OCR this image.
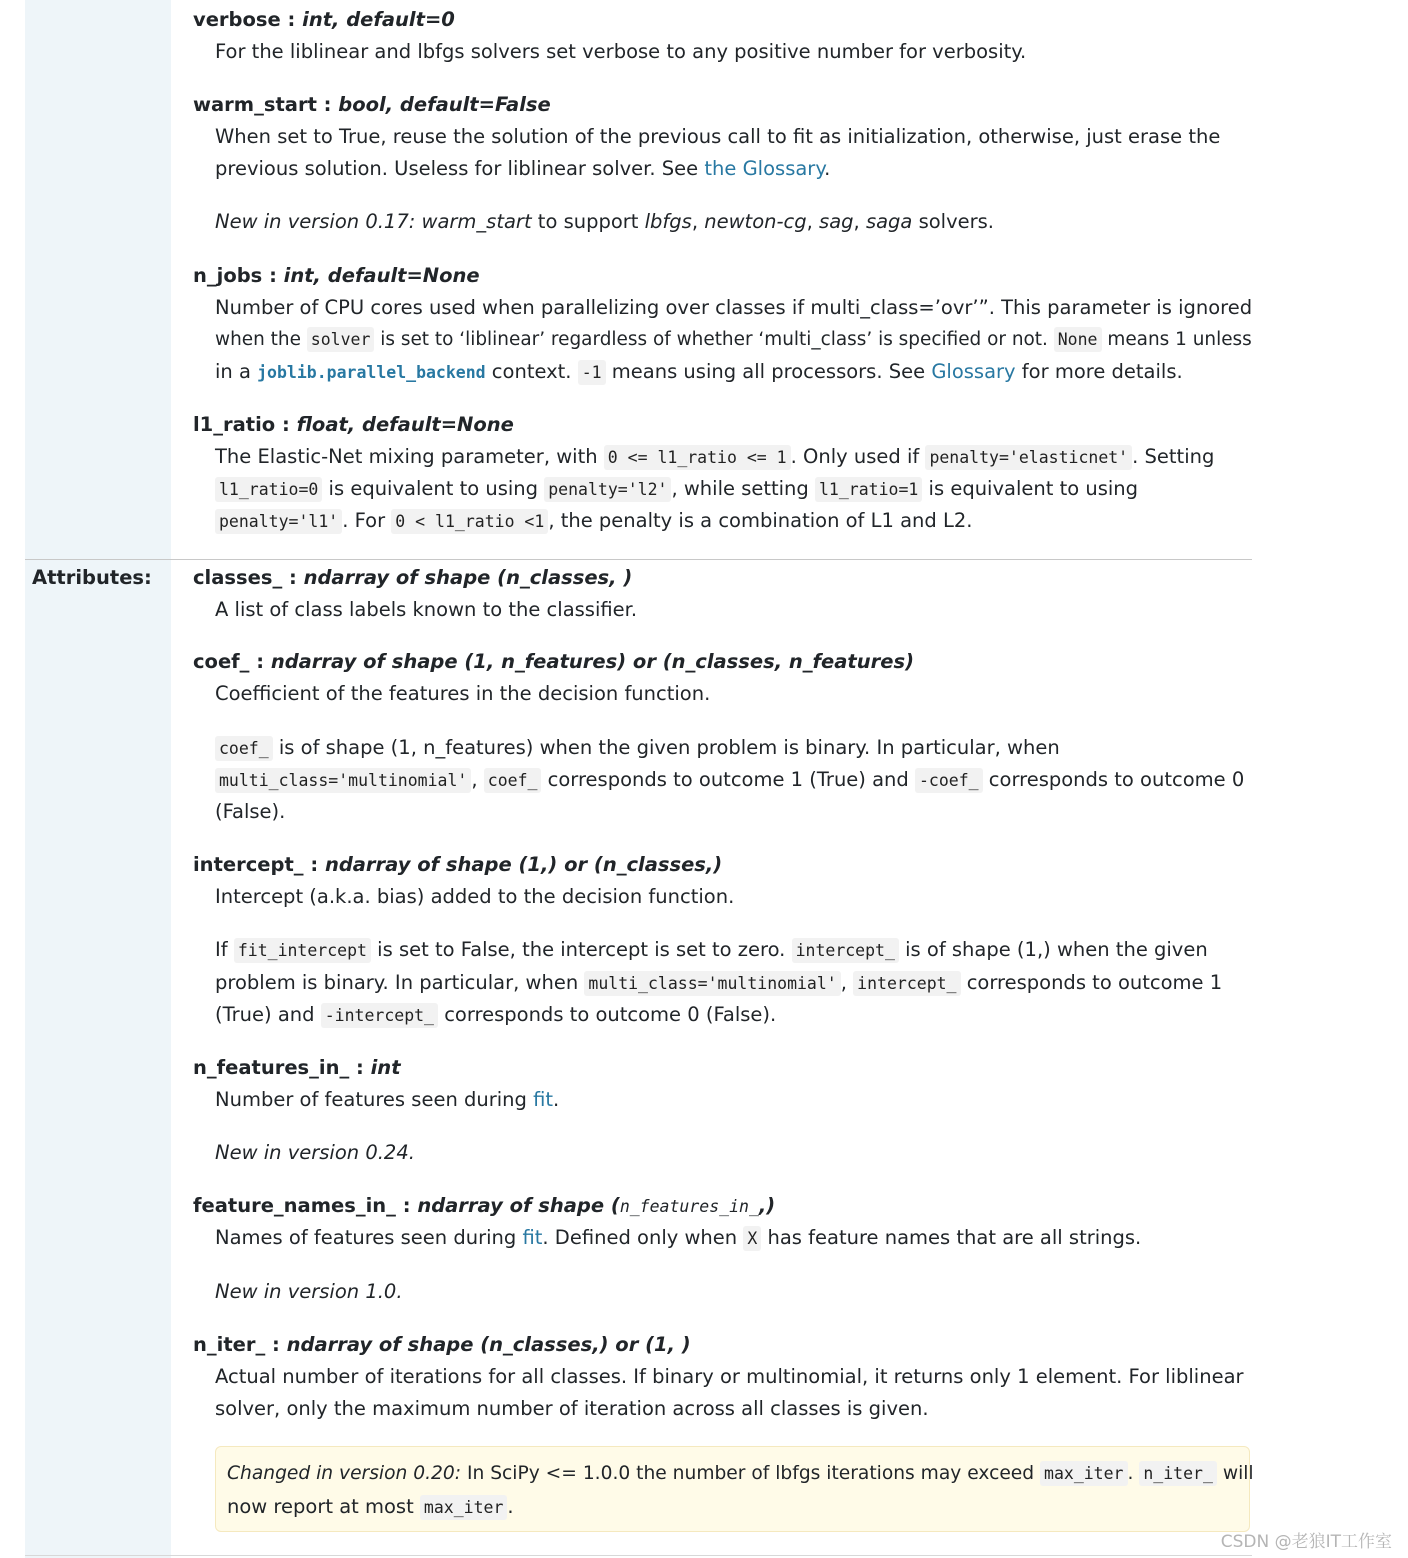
Attributes:
verbose : int, default=0
For the liblinear and lbfgs solvers set verbose to any positive number for verbosity.
warm_start : bool, default=False
When set to True, reuse the solution of the previous call to fit as initialization, otherwise, just erase the
previous solution. Useless for liblinear solver. See the Glossary.
New in version 0.17: warm_start to support lbfgs, newton-cg, sag, saga solvers.
n_jobs : int, default=None
Number of CPU cores used when parallelizing over classes if multi_class=’ovr’”. This parameter is ignored
when the solver is set to ‘liblinear’ regardless of whether ‘multi_class’ is specified or not. None means 1 unless
in a joblib.parallel_backend context. -1 means using all processors. See Glossary for more details.
l1_ratio : float, default=None
The Elastic-Net mixing parameter, with 0 <= l1_ratio <= 1 . Only used if penalty='elasticnet' . Setting
l1_ratio=0 is equivalent to using penalty='l2' , while setting l1_ratio=1 is equivalent to using
penalty='l1' . For 0 < l1_ratio <1 , the penalty is a combination of L1 and L2.
classes_ : ndarray of shape (n_classes, )
A list of class labels known to the classifier.
coef_ : ndarray of shape (1, n_features) or (n_classes, n_features)
Coefficient of the features in the decision function.
coef_ is of shape (1, n_features) when the given problem is binary. In particular, when
multi_class='multinomial' , coef_ corresponds to outcome 1 (True) and -coef_ corresponds to outcome 0
(False).
intercept_ : ndarray of shape (1,) or (n_classes,)
Intercept (a.k.a. bias) added to the decision function.
If fit_intercept is set to False, the intercept is set to zero. intercept_ is of shape (1,) when the given
problem is binary. In particular, when multi_class='multinomial' , intercept_ corresponds to outcome 1
(True) and -intercept_ corresponds to outcome 0 (False).
n_features_in_ : int
Number of features seen during fit.
New in version 0.24.
feature_names_in_ : ndarray of shape (n_features_in_,)
Names of features seen during fit. Defined only when X has feature names that are all strings.
New in version 1.0.
n_iter_ : ndarray of shape (n_classes,) or (1, )
Actual number of iterations for all classes. If binary or multinomial, it returns only 1 element. For liblinear
solver, only the maximum number of iteration across all classes is given.
Changed in version 0.20: In SciPy <= 1.0.0 the number of lbfgs iterations may exceed max_iter . n_iter_ will
now report at most max_iter .
CSDN @老狼IT工作室
